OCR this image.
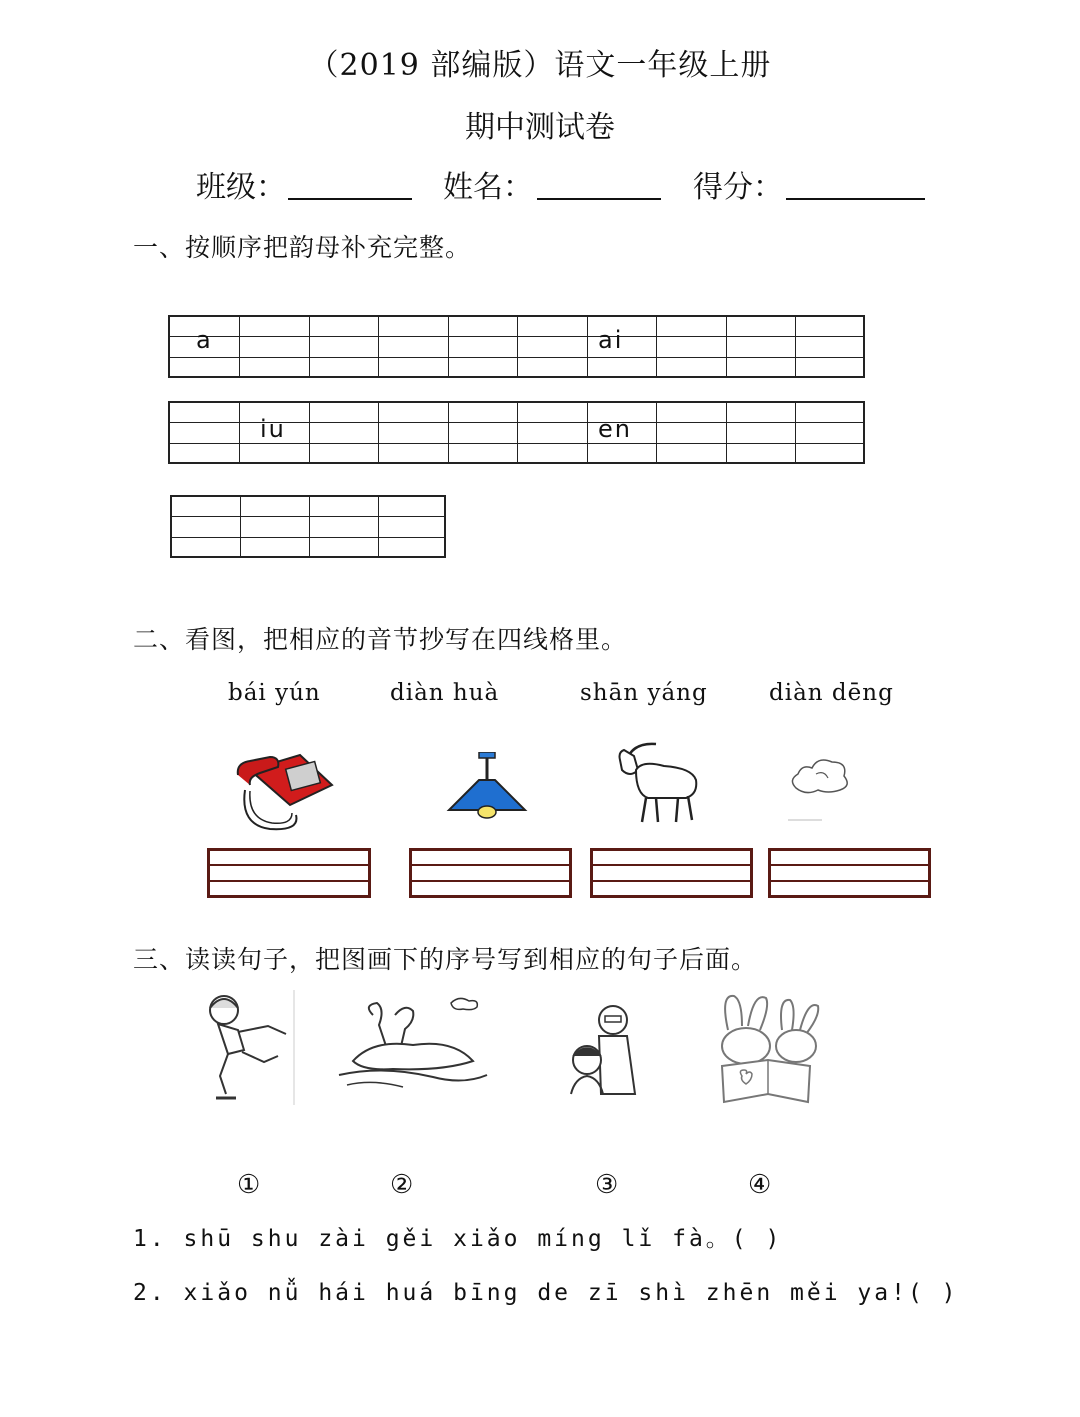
（2019 部编版）语文一年级上册
期中测试卷
班级：	姓名：	得分：
一、按顺序把韵母补充完整。
a	ai
iu	en
二、看图，把相应的音节抄写在四线格里。
bái yún	diàn huà	shān yáng	diàn dēng
三、读读句子，把图画下的序号写到相应的句子后面。
①	②	③	④
1. shū shu zài gěi xiǎo míng lǐ fà。( )
2. xiǎo nǚ hái huá bīng de zī shì zhēn měi ya!( )
